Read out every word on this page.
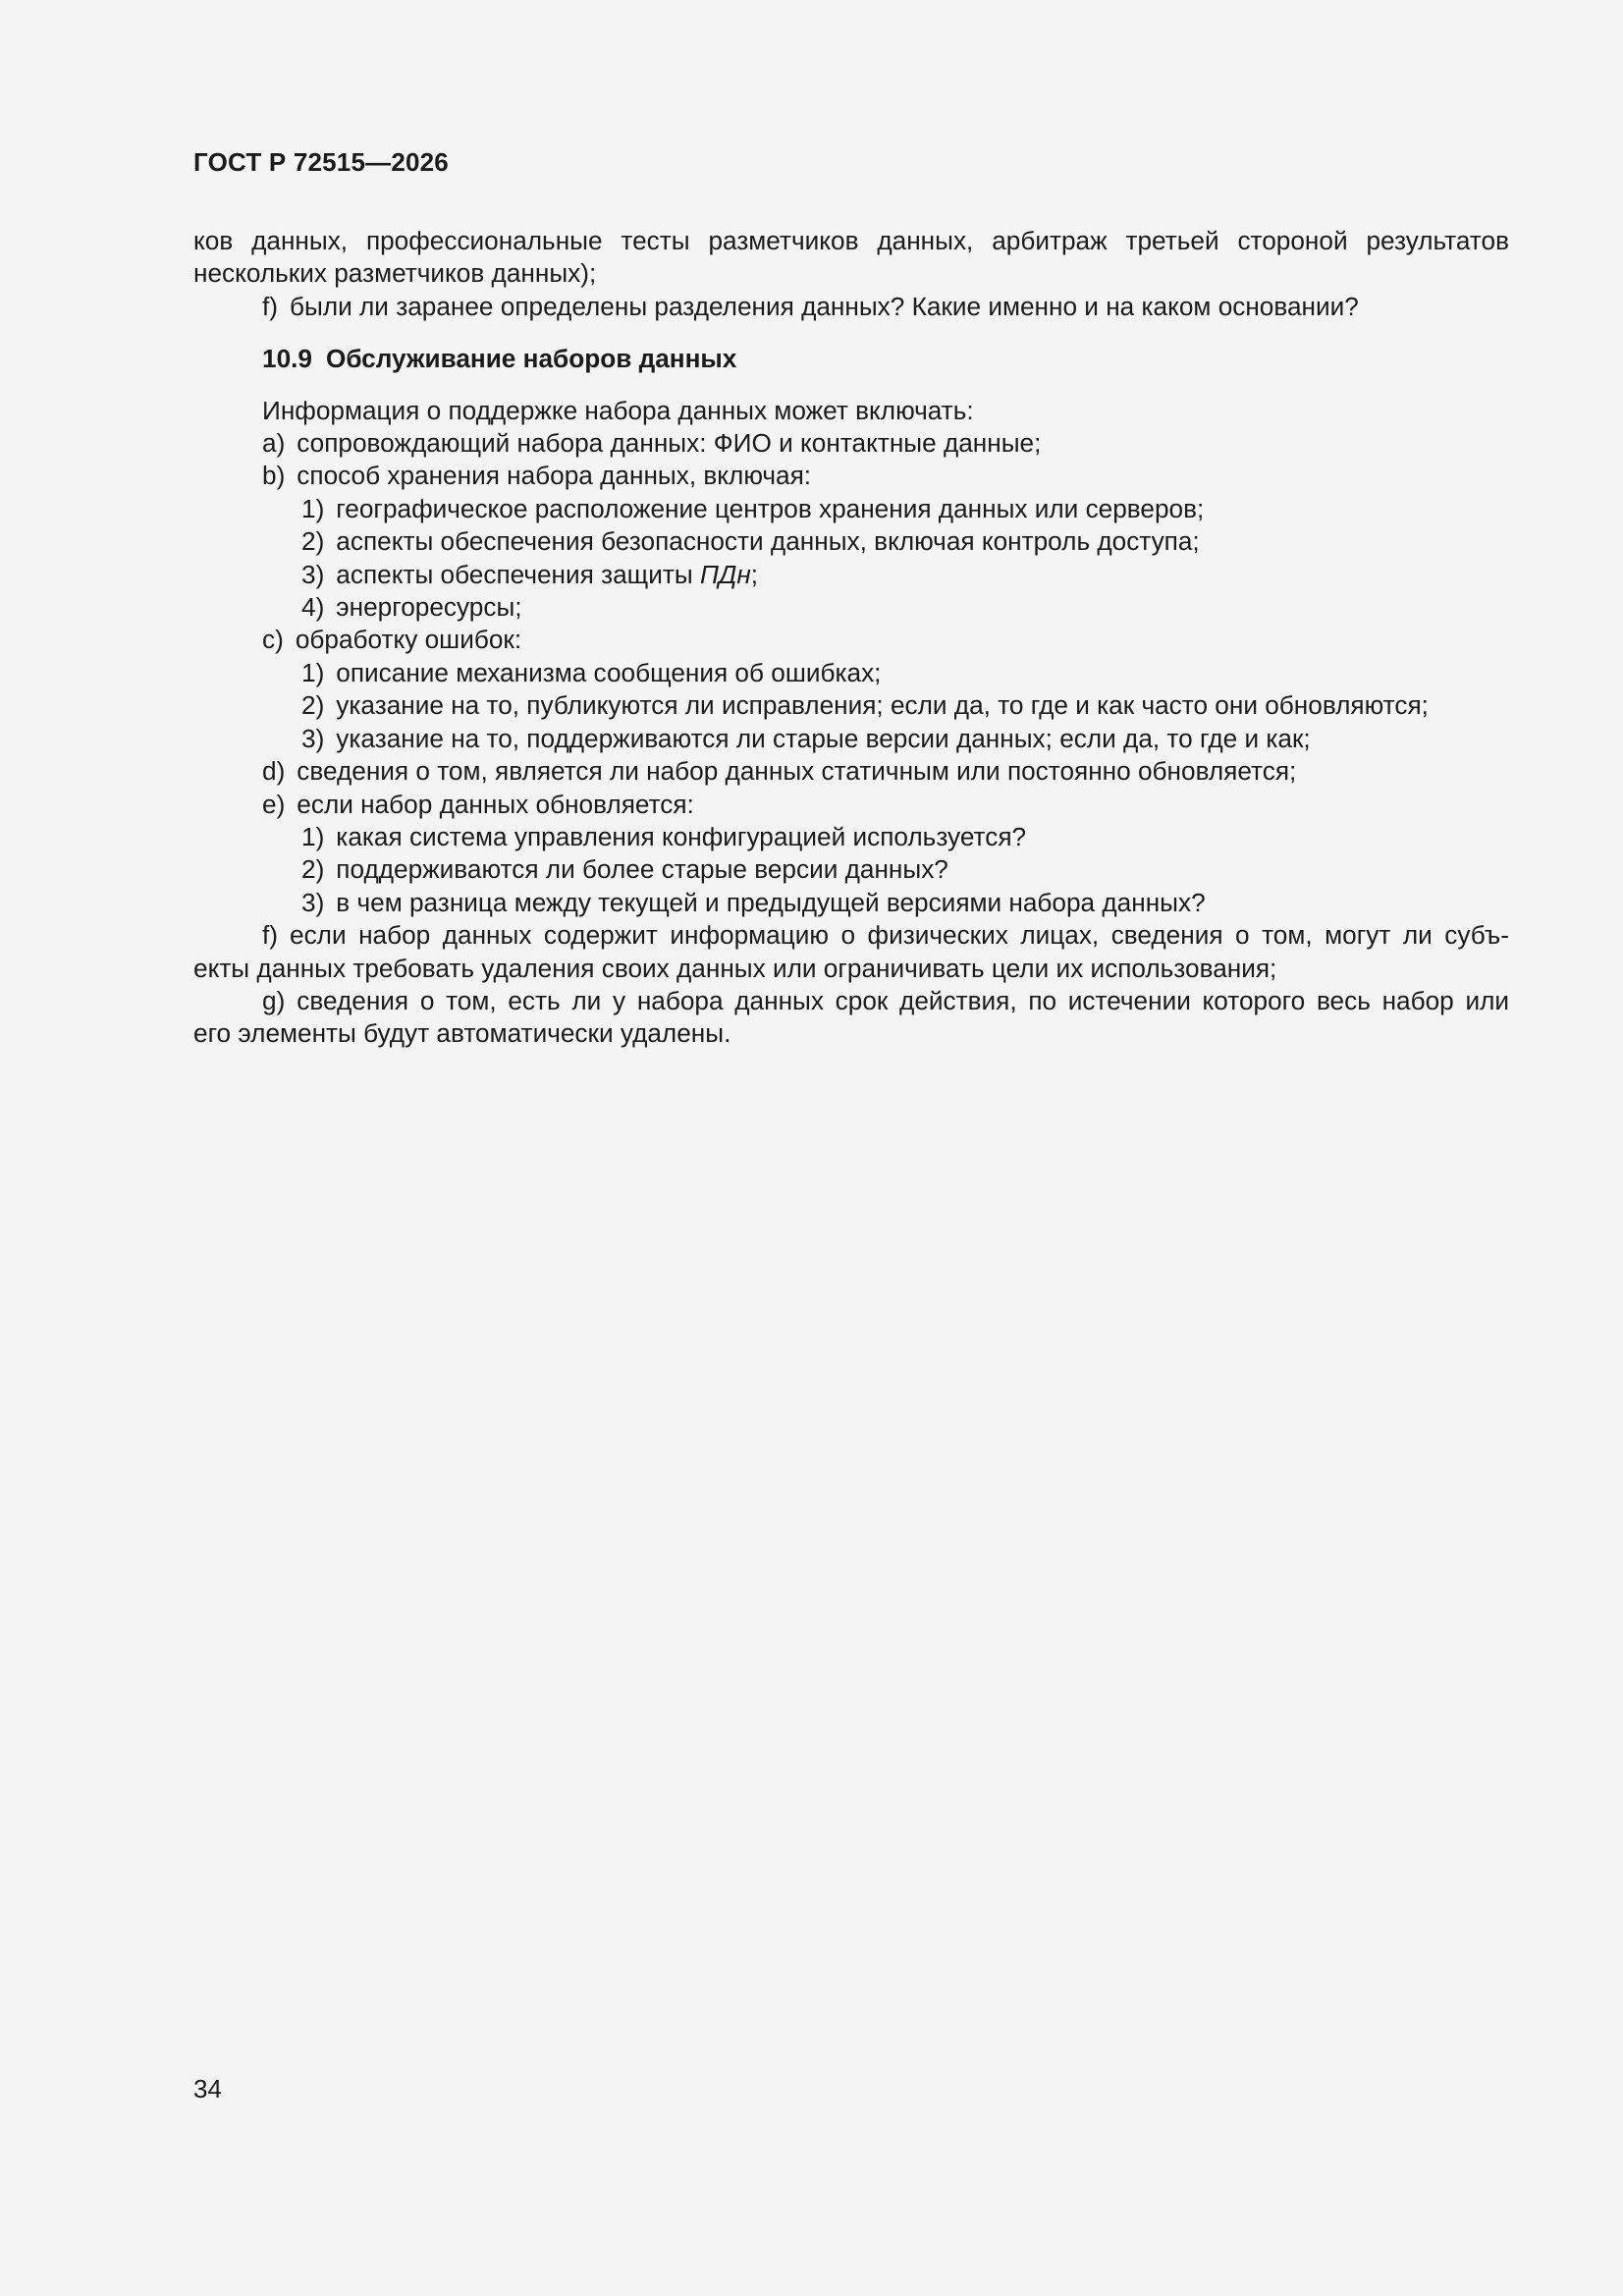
ГОСТ Р 72515—2026
ков данных, профессиональные тесты разметчиков данных, арбитраж третьей стороной результатов
нескольких разметчиков данных);
f) были ли заранее определены разделения данных? Какие именно и на каком основании?
10.9 Обслуживание наборов данных
Информация о поддержке набора данных может включать:
a) сопровождающий набора данных: ФИО и контактные данные;
b) способ хранения набора данных, включая:
1) географическое расположение центров хранения данных или серверов;
2) аспекты обеспечения безопасности данных, включая контроль доступа;
3) аспекты обеспечения защиты ПДн;
4) энергоресурсы;
c) обработку ошибок:
1) описание механизма сообщения об ошибках;
2) указание на то, публикуются ли исправления; если да, то где и как часто они обновляются;
3) указание на то, поддерживаются ли старые версии данных; если да, то где и как;
d) сведения о том, является ли набор данных статичным или постоянно обновляется;
e) если набор данных обновляется:
1) какая система управления конфигурацией используется?
2) поддерживаются ли более старые версии данных?
3) в чем разница между текущей и предыдущей версиями набора данных?
f) если набор данных содержит информацию о физических лицах, сведения о том, могут ли субъ-
екты данных требовать удаления своих данных или ограничивать цели их использования;
g) сведения о том, есть ли у набора данных срок действия, по истечении которого весь набор или
его элементы будут автоматически удалены.
34
